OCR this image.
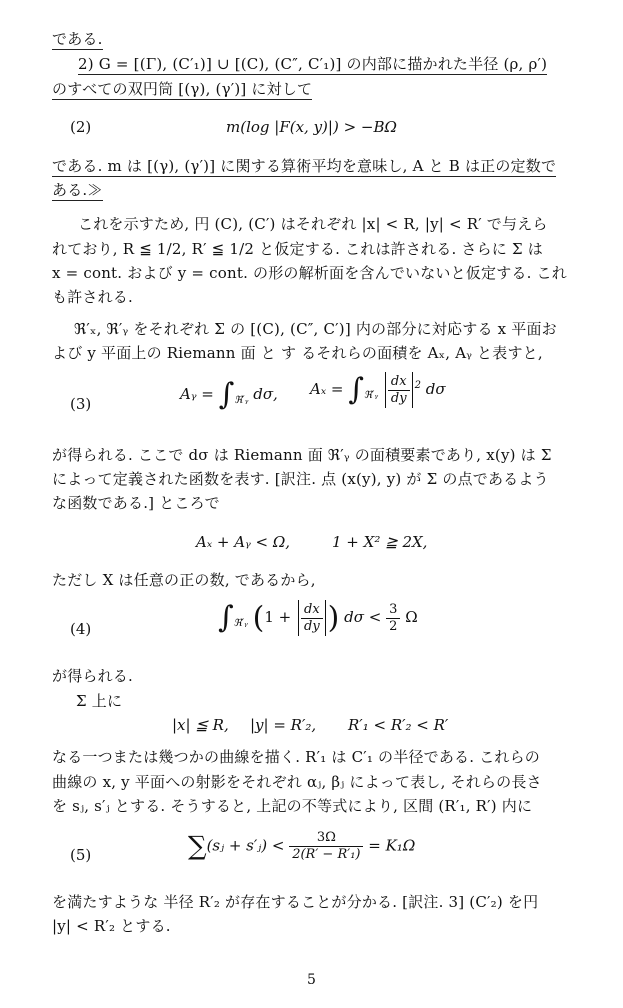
である.
2) G = [(Γ), (C′₁)] ∪ [(C), (C″, C′₁)] の内部に描かれた半径 (ρ, ρ′)
のすべての双円筒 [(γ), (γ′)] に対して
(2)	m(log |F(x, y)|) > −BΩ
である. m は [(γ), (γ′)] に関する算術平均を意味し, A と B は正の定数で
ある.≫
これを示すため, 円 (C), (C′) はそれぞれ |x| < R, |y| < R′ で与えら
れており, R ≦ 1/2, R′ ≦ 1/2 と仮定する. これは許される. さらに Σ は
x = cont. および y = cont. の形の解析面を含んでいないと仮定する. これ
も許される.
ℜ′ₓ, ℜ′ᵧ をそれぞれ Σ の [(C), (C″, C′)] 内の部分に対応する x 平面お
よび y 平面上の Riemann 面 と す るそれらの面積を Aₓ, Aᵧ と表すと,
(3)
Aᵧ = $\int_{ℜ'ᵧ}$ dσ, $A_x = \int_{ℜ'ᵧ} \frac{dx}{dy} ^2$ dσ
が得られる. ここで dσ は Riemann 面 ℜ′ᵧ の面積要素であり, x(y) は Σ
によって定義された函数を表す. [訳注. 点 (x(y), y) が Σ の点であるよう
な函数である.] ところで
Aₓ + Aᵧ < Ω,	1 + X² ≧ 2X,
ただし X は任意の正の数, であるから,
(4)	$\int_{ℜ'ᵧ}$ ($1 + \frac{dx}{dy}$ ) $d\sigma < \frac{3}{2}$ Ω
が得られる.
Σ 上に
|x| ≦ R, |y| = R′₂, R′₁ < R′₂ < R′
なる一つまたは幾つかの曲線を描く. R′₁ は C′₁ の半径である. これらの
曲線の x, y 平面への射影をそれぞれ αⱼ, βⱼ によって表し, それらの長さ
を sⱼ, s′ⱼ とする. そうすると, 上記の不等式により, 区間 (R′₁, R′) 内に
(5)	∑(sⱼ + s′ⱼ) < $\frac{3\Omega}{\text{2(R′ − R′₁)}} = K_1\Omega$
を満たすような 半径 R′₂ が存在することが分かる. [訳注. 3] (C′₂) を円
|y| < R′₂ とする.
5
